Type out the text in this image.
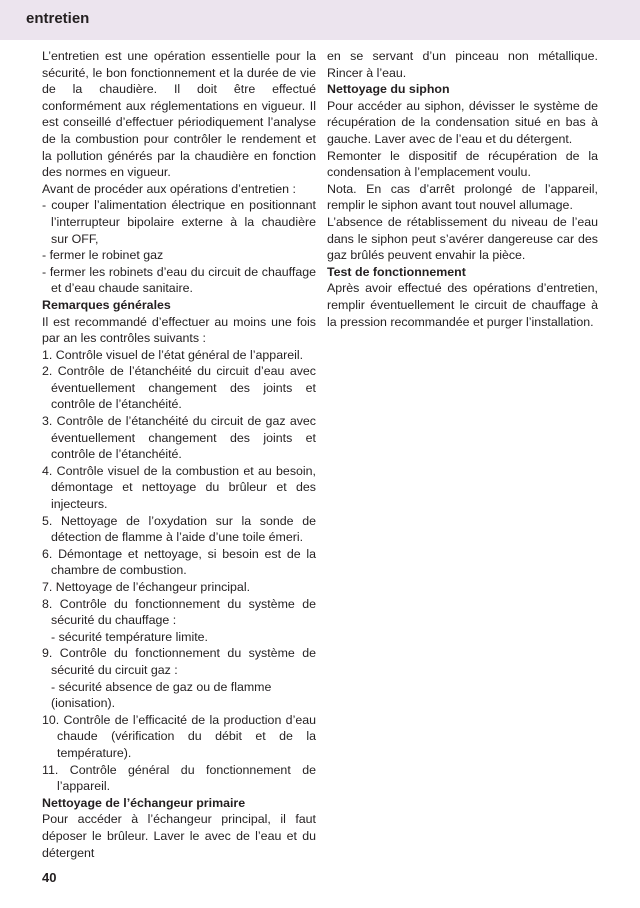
entretien

L’entretien est une opération essentielle pour la sécurité, le bon fonctionnement et la durée de vie de la chaudière. Il doit être effectué conformément aux réglementations en vigueur. Il est conseillé d’effectuer périodiquement l’analyse de la combustion pour contrôler le rendement et la pollution générés par la chaudière en fonction des normes en vigueur.

Avant de procéder aux opérations d’entretien :

- couper l’alimentation électrique en positionnant l’interrupteur bipolaire externe à la chaudière sur OFF,

- fermer le robinet gaz

- fermer les robinets d’eau du circuit de chauffage et d’eau chaude sanitaire.

Remarques générales

Il est recommandé d’effectuer au moins une fois par an les contrôles suivants :

1. Contrôle visuel de l’état général de l’appareil.

2. Contrôle de l’étanchéité du circuit d’eau avec éventuellement changement des joints et contrôle de l’étanchéité.

3. Contrôle de l’étanchéité du circuit de gaz avec éventuellement changement des joints et contrôle de l’étanchéité.

4. Contrôle visuel de la combustion et au besoin, démontage et nettoyage du brûleur et des injecteurs.

5. Nettoyage de l’oxydation sur la sonde de détection de flamme à l’aide d’une toile émeri.

6. Démontage et nettoyage, si besoin est de la chambre de combustion.

7. Nettoyage de l’échangeur principal.

8. Contrôle du fonctionnement du système de sécurité du chauffage :

- sécurité température limite.

9. Contrôle du fonctionnement du système de sécurité du circuit gaz :

- sécurité absence de gaz ou de flamme (ionisation).

10. Contrôle de l’efficacité de la production d’eau chaude (vérification du débit et de la température).

11. Contrôle général du fonctionnement de l’appareil.

Nettoyage de l’échangeur primaire

Pour accéder à l’échangeur principal, il faut déposer le brûleur. Laver le avec de l’eau et du détergent

en se servant d’un pinceau non métallique. Rincer à l’eau.

Nettoyage du siphon

Pour accéder au siphon, dévisser le système de récupération de la condensation situé en bas à gauche. Laver avec de l’eau et du détergent.

Remonter le dispositif de récupération de la condensation à l’emplacement voulu.

Nota. En cas d’arrêt prolongé de l’appareil, remplir le siphon avant tout nouvel allumage.

L’absence de rétablissement du niveau de l’eau dans le siphon peut s’avérer dangereuse car des gaz brûlés peuvent envahir la pièce.

Test de fonctionnement

Après avoir effectué des opérations d’entretien, remplir éventuellement le circuit de chauffage à la pression recommandée et purger l’installation.

40
